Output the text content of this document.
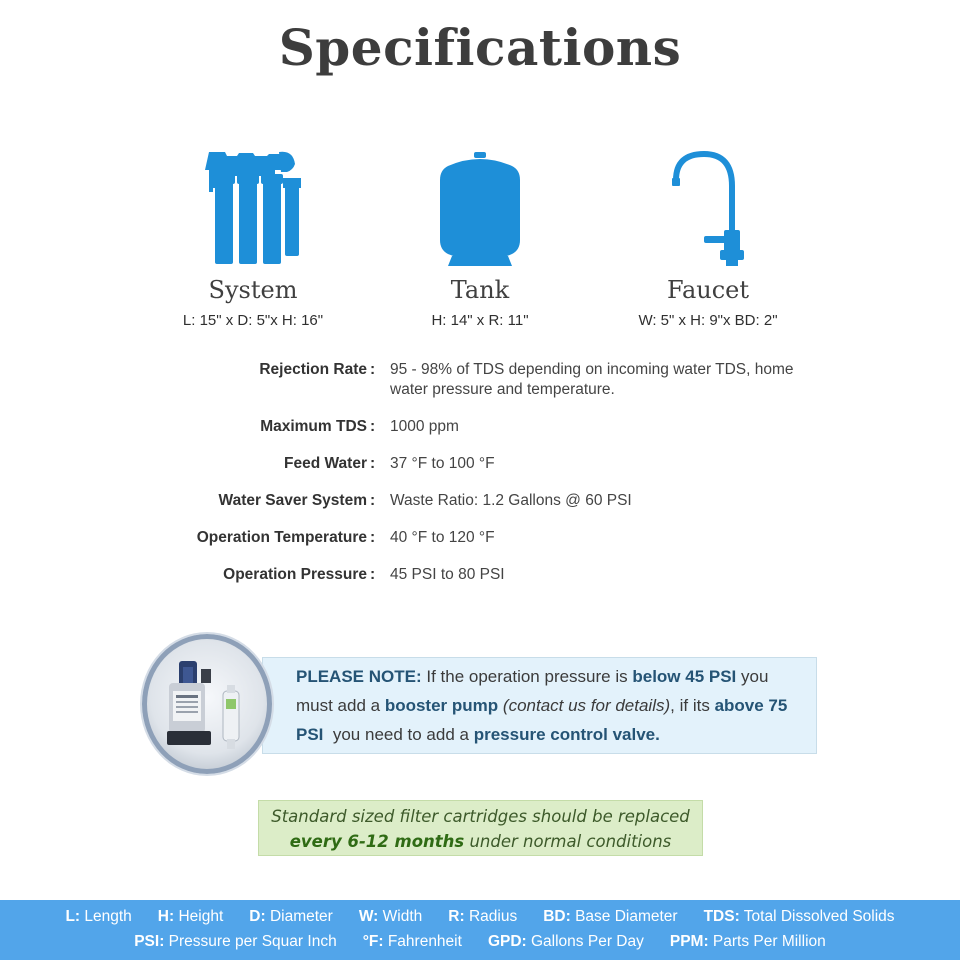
Specifications
System
L: 15" x D: 5"x H: 16"
Tank
H: 14" x R: 11"
Faucet
W: 5" x H: 9"x BD: 2"
Rejection Rate : 95 - 98% of TDS depending on incoming water TDS, home water pressure and temperature.
Maximum TDS : 1000 ppm
Feed Water : 37 °F to 100 °F
Water Saver System : Waste Ratio: 1.2 Gallons @ 60 PSI
Operation Temperature : 40 °F to 120 °F
Operation Pressure : 45 PSI to 80 PSI
PLEASE NOTE: If the operation pressure is below 45 PSI you must add a booster pump (contact us for details), if its above 75 PSI  you need to add a pressure control valve.
Standard sized filter cartridges should be replaced
every 6-12 months under normal conditions
L: Length H: Height D: Diameter W: Width R: Radius BD: Base Diameter TDS: Total Dissolved Solids
PSI: Pressure per Squar Inch °F: Fahrenheit GPD: Gallons Per Day PPM: Parts Per Million
